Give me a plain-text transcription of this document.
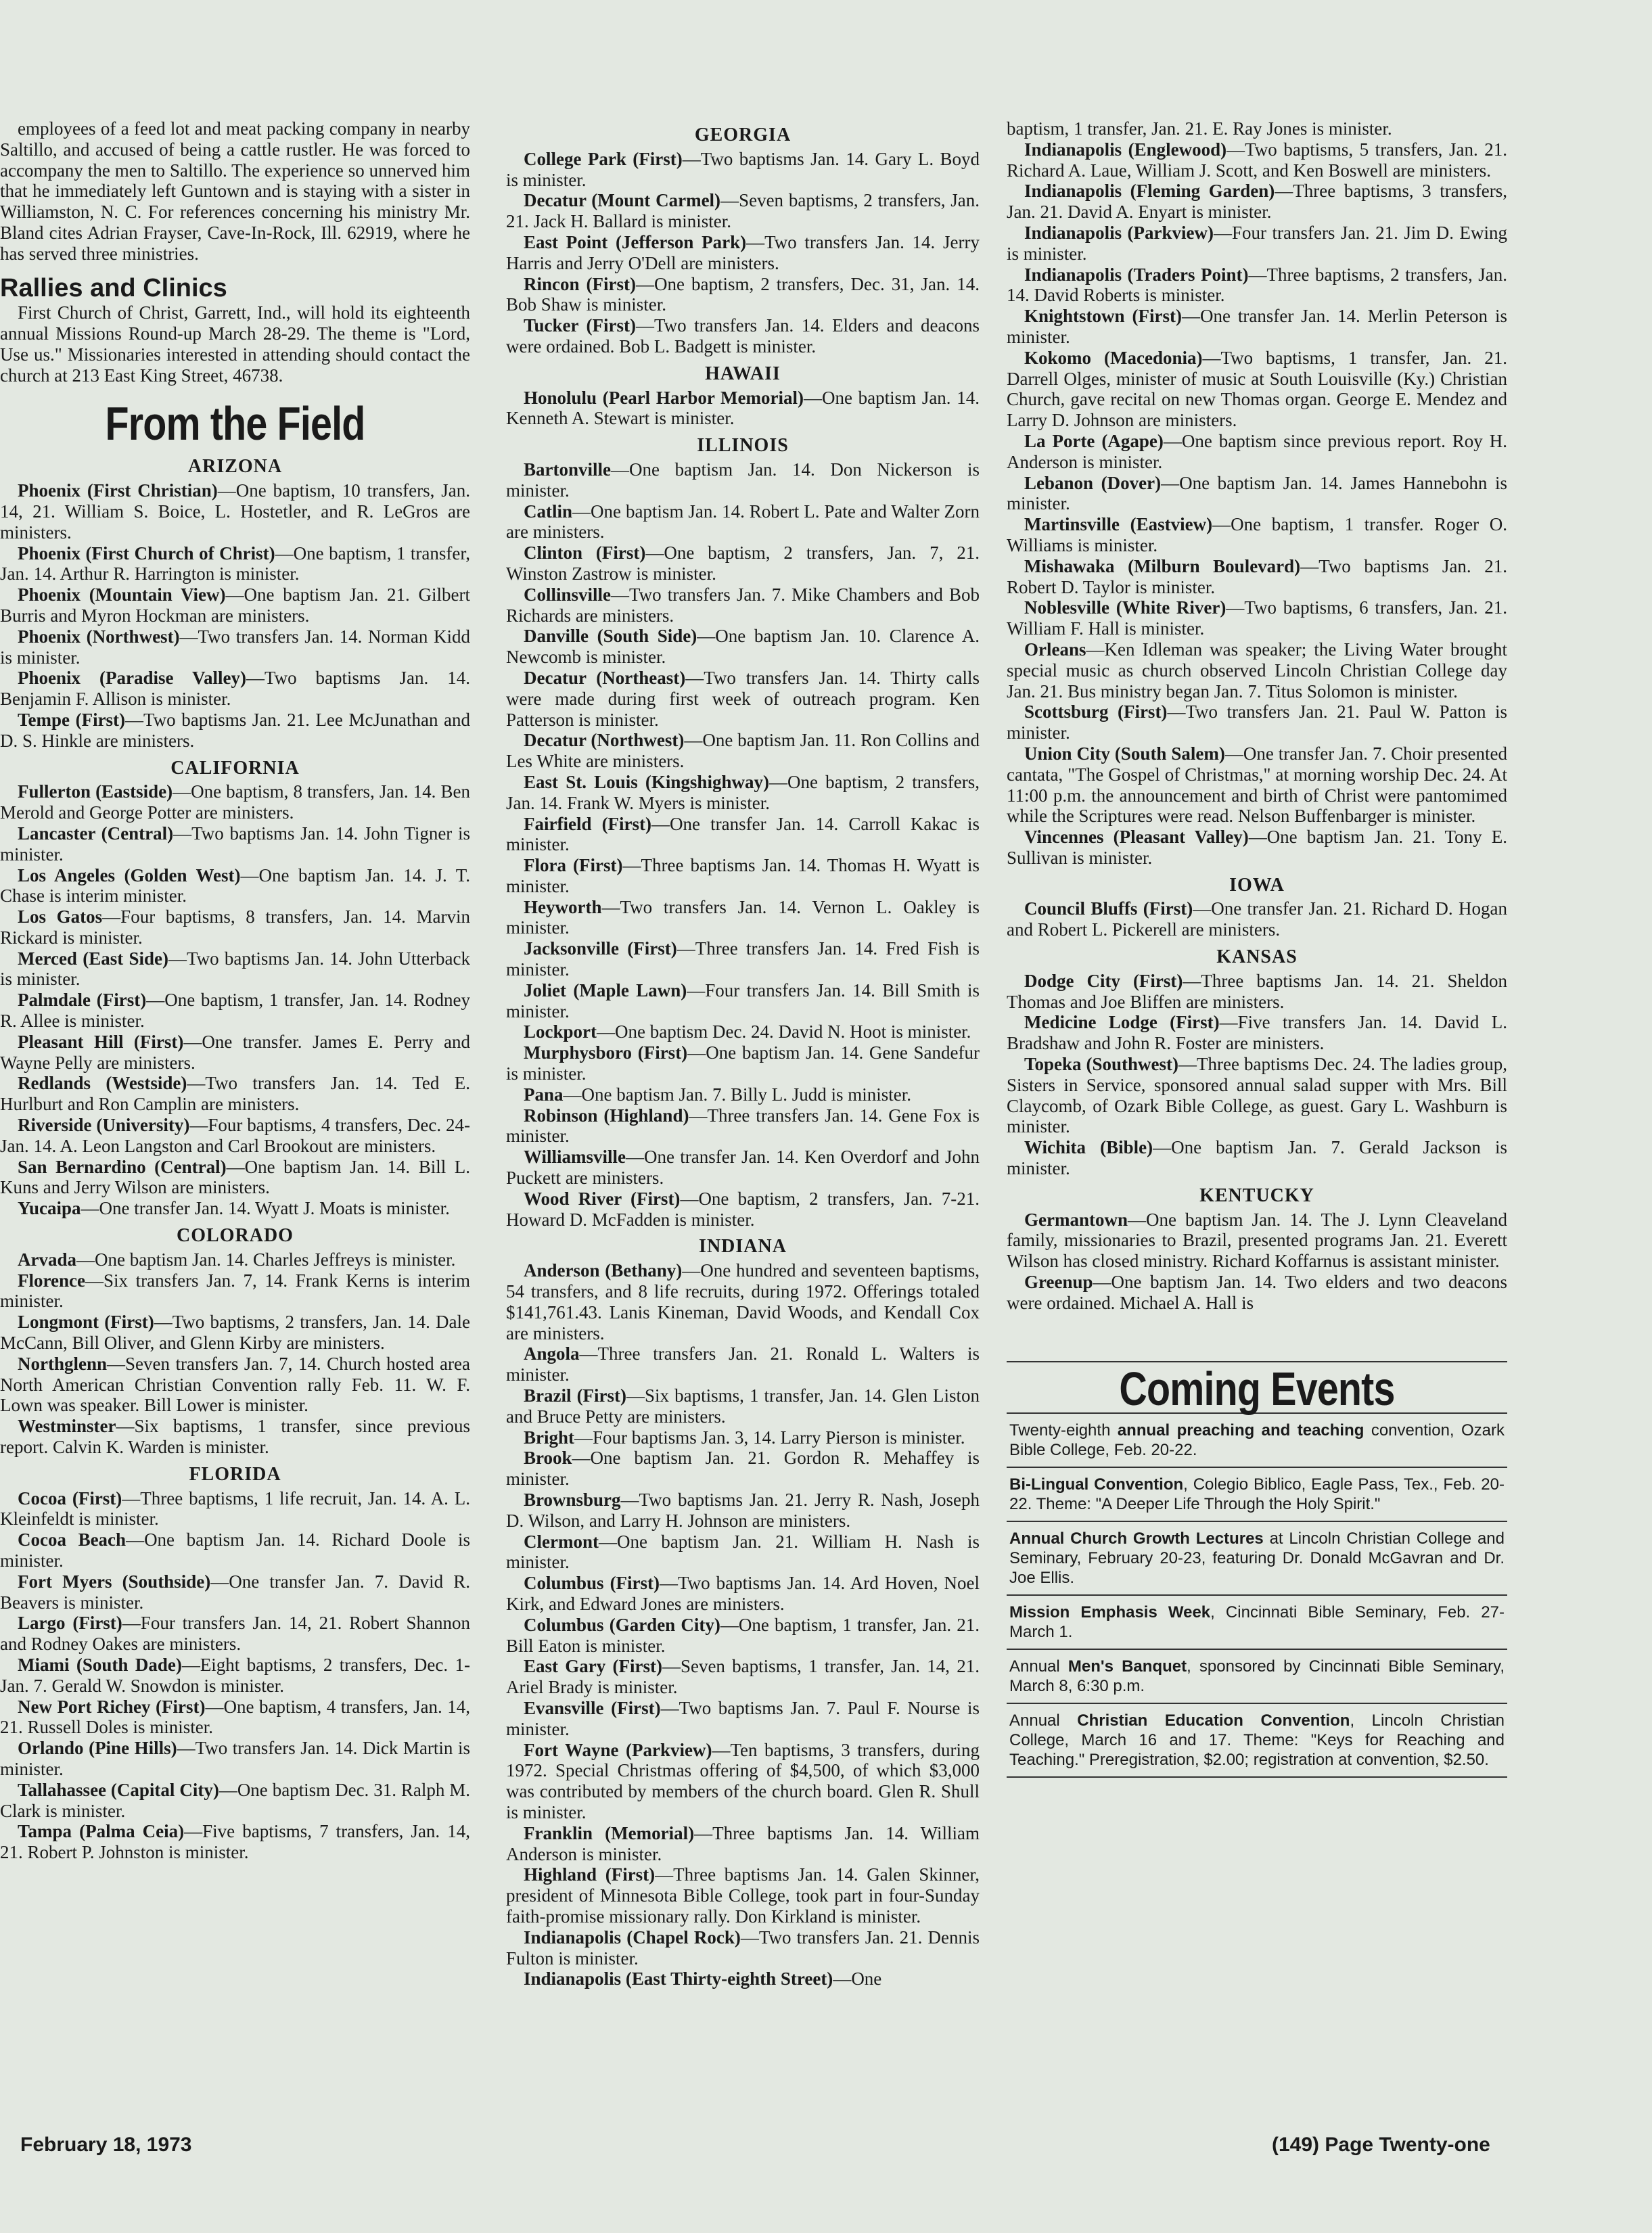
employees of a feed lot and meat packing company in nearby Saltillo, and accused of being a cattle rustler. He was forced to accompany the men to Saltillo. The experience so unnerved him that he immediately left Guntown and is staying with a sister in Williamston, N. C. For references concerning his ministry Mr. Bland cites Adrian Frayser, Cave-In-Rock, Ill. 62919, where he has served three ministries.

Rallies and Clinics

First Church of Christ, Garrett, Ind., will hold its eighteenth annual Missions Round-up March 28-29. The theme is "Lord, Use us." Missionaries interested in attending should contact the church at 213 East King Street, 46738.

From the Field
ARIZONA

Phoenix (First Christian)—One baptism, 10 transfers, Jan. 14, 21. William S. Boice, L. Hostetler, and R. LeGros are ministers.

Phoenix (First Church of Christ)—One baptism, 1 transfer, Jan. 14. Arthur R. Harrington is minister.

Phoenix (Mountain View)—One baptism Jan. 21. Gilbert Burris and Myron Hockman are ministers.

Phoenix (Northwest)—Two transfers Jan. 14. Norman Kidd is minister.

Phoenix (Paradise Valley)—Two baptisms Jan. 14. Benjamin F. Allison is minister.

Tempe (First)—Two baptisms Jan. 21. Lee McJunathan and D. S. Hinkle are ministers.

CALIFORNIA

Fullerton (Eastside)—One baptism, 8 transfers, Jan. 14. Ben Merold and George Potter are ministers.

Lancaster (Central)—Two baptisms Jan. 14. John Tigner is minister.

Los Angeles (Golden West)—One baptism Jan. 14. J. T. Chase is interim minister.

Los Gatos—Four baptisms, 8 transfers, Jan. 14. Marvin Rickard is minister.

Merced (East Side)—Two baptisms Jan. 14. John Utterback is minister.

Palmdale (First)—One baptism, 1 transfer, Jan. 14. Rodney R. Allee is minister.

Pleasant Hill (First)—One transfer. James E. Perry and Wayne Pelly are ministers.

Redlands (Westside)—Two transfers Jan. 14. Ted E. Hurlburt and Ron Camplin are ministers.

Riverside (University)—Four baptisms, 4 transfers, Dec. 24-Jan. 14. A. Leon Langston and Carl Brookout are ministers.

San Bernardino (Central)—One baptism Jan. 14. Bill L. Kuns and Jerry Wilson are ministers.

Yucaipa—One transfer Jan. 14. Wyatt J. Moats is minister.

COLORADO

Arvada—One baptism Jan. 14. Charles Jeffreys is minister.

Florence—Six transfers Jan. 7, 14. Frank Kerns is interim minister.

Longmont (First)—Two baptisms, 2 transfers, Jan. 14. Dale McCann, Bill Oliver, and Glenn Kirby are ministers.

Northglenn—Seven transfers Jan. 7, 14. Church hosted area North American Christian Convention rally Feb. 11. W. F. Lown was speaker. Bill Lower is minister.

Westminster—Six baptisms, 1 transfer, since previous report. Calvin K. Warden is minister.

FLORIDA

Cocoa (First)—Three baptisms, 1 life recruit, Jan. 14. A. L. Kleinfeldt is minister.

Cocoa Beach—One baptism Jan. 14. Richard Doole is minister.

Fort Myers (Southside)—One transfer Jan. 7. David R. Beavers is minister.

Largo (First)—Four transfers Jan. 14, 21. Robert Shannon and Rodney Oakes are ministers.

Miami (South Dade)—Eight baptisms, 2 transfers, Dec. 1-Jan. 7. Gerald W. Snowdon is minister.

New Port Richey (First)—One baptism, 4 transfers, Jan. 14, 21. Russell Doles is minister.

Orlando (Pine Hills)—Two transfers Jan. 14. Dick Martin is minister.

Tallahassee (Capital City)—One baptism Dec. 31. Ralph M. Clark is minister.

Tampa (Palma Ceia)—Five baptisms, 7 transfers, Jan. 14, 21. Robert P. Johnston is minister.

GEORGIA

College Park (First)—Two baptisms Jan. 14. Gary L. Boyd is minister.

Decatur (Mount Carmel)—Seven baptisms, 2 transfers, Jan. 21. Jack H. Ballard is minister.

East Point (Jefferson Park)—Two transfers Jan. 14. Jerry Harris and Jerry O'Dell are ministers.

Rincon (First)—One baptism, 2 transfers, Dec. 31, Jan. 14. Bob Shaw is minister.

Tucker (First)—Two transfers Jan. 14. Elders and deacons were ordained. Bob L. Badgett is minister.

HAWAII

Honolulu (Pearl Harbor Memorial)—One baptism Jan. 14. Kenneth A. Stewart is minister.

ILLINOIS

Bartonville—One baptism Jan. 14. Don Nickerson is minister.

Catlin—One baptism Jan. 14. Robert L. Pate and Walter Zorn are ministers.

Clinton (First)—One baptism, 2 transfers, Jan. 7, 21. Winston Zastrow is minister.

Collinsville—Two transfers Jan. 7. Mike Chambers and Bob Richards are ministers.

Danville (South Side)—One baptism Jan. 10. Clarence A. Newcomb is minister.

Decatur (Northeast)—Two transfers Jan. 14. Thirty calls were made during first week of outreach program. Ken Patterson is minister.

Decatur (Northwest)—One baptism Jan. 11. Ron Collins and Les White are ministers.

East St. Louis (Kingshighway)—One baptism, 2 transfers, Jan. 14. Frank W. Myers is minister.

Fairfield (First)—One transfer Jan. 14. Carroll Kakac is minister.

Flora (First)—Three baptisms Jan. 14. Thomas H. Wyatt is minister.

Heyworth—Two transfers Jan. 14. Vernon L. Oakley is minister.

Jacksonville (First)—Three transfers Jan. 14. Fred Fish is minister.

Joliet (Maple Lawn)—Four transfers Jan. 14. Bill Smith is minister.

Lockport—One baptism Dec. 24. David N. Hoot is minister.

Murphysboro (First)—One baptism Jan. 14. Gene Sandefur is minister.

Pana—One baptism Jan. 7. Billy L. Judd is minister.

Robinson (Highland)—Three transfers Jan. 14. Gene Fox is minister.

Williamsville—One transfer Jan. 14. Ken Overdorf and John Puckett are ministers.

Wood River (First)—One baptism, 2 transfers, Jan. 7-21. Howard D. McFadden is minister.

INDIANA

Anderson (Bethany)—One hundred and seventeen baptisms, 54 transfers, and 8 life recruits, during 1972. Offerings totaled $141,761.43. Lanis Kineman, David Woods, and Kendall Cox are ministers.

Angola—Three transfers Jan. 21. Ronald L. Walters is minister.

Brazil (First)—Six baptisms, 1 transfer, Jan. 14. Glen Liston and Bruce Petty are ministers.

Bright—Four baptisms Jan. 3, 14. Larry Pierson is minister.

Brook—One baptism Jan. 21. Gordon R. Mehaffey is minister.

Brownsburg—Two baptisms Jan. 21. Jerry R. Nash, Joseph D. Wilson, and Larry H. Johnson are ministers.

Clermont—One baptism Jan. 21. William H. Nash is minister.

Columbus (First)—Two baptisms Jan. 14. Ard Hoven, Noel Kirk, and Edward Jones are ministers.

Columbus (Garden City)—One baptism, 1 transfer, Jan. 21. Bill Eaton is minister.

East Gary (First)—Seven baptisms, 1 transfer, Jan. 14, 21. Ariel Brady is minister.

Evansville (First)—Two baptisms Jan. 7. Paul F. Nourse is minister.

Fort Wayne (Parkview)—Ten baptisms, 3 transfers, during 1972. Special Christmas offering of $4,500, of which $3,000 was contributed by members of the church board. Glen R. Shull is minister.

Franklin (Memorial)—Three baptisms Jan. 14. William Anderson is minister.

Highland (First)—Three baptisms Jan. 14. Galen Skinner, president of Minnesota Bible College, took part in four-Sunday faith-promise missionary rally. Don Kirkland is minister.

Indianapolis (Chapel Rock)—Two transfers Jan. 21. Dennis Fulton is minister.

Indianapolis (East Thirty-eighth Street)—One

baptism, 1 transfer, Jan. 21. E. Ray Jones is minister.

Indianapolis (Englewood)—Two baptisms, 5 transfers, Jan. 21. Richard A. Laue, William J. Scott, and Ken Boswell are ministers.

Indianapolis (Fleming Garden)—Three baptisms, 3 transfers, Jan. 21. David A. Enyart is minister.

Indianapolis (Parkview)—Four transfers Jan. 21. Jim D. Ewing is minister.

Indianapolis (Traders Point)—Three baptisms, 2 transfers, Jan. 14. David Roberts is minister.

Knightstown (First)—One transfer Jan. 14. Merlin Peterson is minister.

Kokomo (Macedonia)—Two baptisms, 1 transfer, Jan. 21. Darrell Olges, minister of music at South Louisville (Ky.) Christian Church, gave recital on new Thomas organ. George E. Mendez and Larry D. Johnson are ministers.

La Porte (Agape)—One baptism since previous report. Roy H. Anderson is minister.

Lebanon (Dover)—One baptism Jan. 14. James Hannebohn is minister.

Martinsville (Eastview)—One baptism, 1 transfer. Roger O. Williams is minister.

Mishawaka (Milburn Boulevard)—Two baptisms Jan. 21. Robert D. Taylor is minister.

Noblesville (White River)—Two baptisms, 6 transfers, Jan. 21. William F. Hall is minister.

Orleans—Ken Idleman was speaker; the Living Water brought special music as church observed Lincoln Christian College day Jan. 21. Bus ministry began Jan. 7. Titus Solomon is minister.

Scottsburg (First)—Two transfers Jan. 21. Paul W. Patton is minister.

Union City (South Salem)—One transfer Jan. 7. Choir presented cantata, "The Gospel of Christmas," at morning worship Dec. 24. At 11:00 p.m. the announcement and birth of Christ were pantomimed while the Scriptures were read. Nelson Buffenbarger is minister.

Vincennes (Pleasant Valley)—One baptism Jan. 21. Tony E. Sullivan is minister.

IOWA

Council Bluffs (First)—One transfer Jan. 21. Richard D. Hogan and Robert L. Pickerell are ministers.

KANSAS

Dodge City (First)—Three baptisms Jan. 14. 21. Sheldon Thomas and Joe Bliffen are ministers.

Medicine Lodge (First)—Five transfers Jan. 14. David L. Bradshaw and John R. Foster are ministers.

Topeka (Southwest)—Three baptisms Dec. 24. The ladies group, Sisters in Service, sponsored annual salad supper with Mrs. Bill Claycomb, of Ozark Bible College, as guest. Gary L. Washburn is minister.

Wichita (Bible)—One baptism Jan. 7. Gerald Jackson is minister.

KENTUCKY

Germantown—One baptism Jan. 14. The J. Lynn Cleaveland family, missionaries to Brazil, presented programs Jan. 21. Everett Wilson has closed ministry. Richard Koffarnus is assistant minister.

Greenup—One baptism Jan. 14. Two elders and two deacons were ordained. Michael A. Hall is

Coming Events
Twenty-eighth annual preaching and teaching convention, Ozark Bible College, Feb. 20-22.
Bi-Lingual Convention, Colegio Biblico, Eagle Pass, Tex., Feb. 20-22. Theme: "A Deeper Life Through the Holy Spirit."
Annual Church Growth Lectures at Lincoln Christian College and Seminary, February 20-23, featuring Dr. Donald McGavran and Dr. Joe Ellis.
Mission Emphasis Week, Cincinnati Bible Seminary, Feb. 27-March 1.
Annual Men's Banquet, sponsored by Cincinnati Bible Seminary, March 8, 6:30 p.m.
Annual Christian Education Convention, Lincoln Christian College, March 16 and 17. Theme: "Keys for Reaching and Teaching." Preregistration, $2.00; registration at convention, $2.50.
February 18, 1973	(149) Page Twenty-one
